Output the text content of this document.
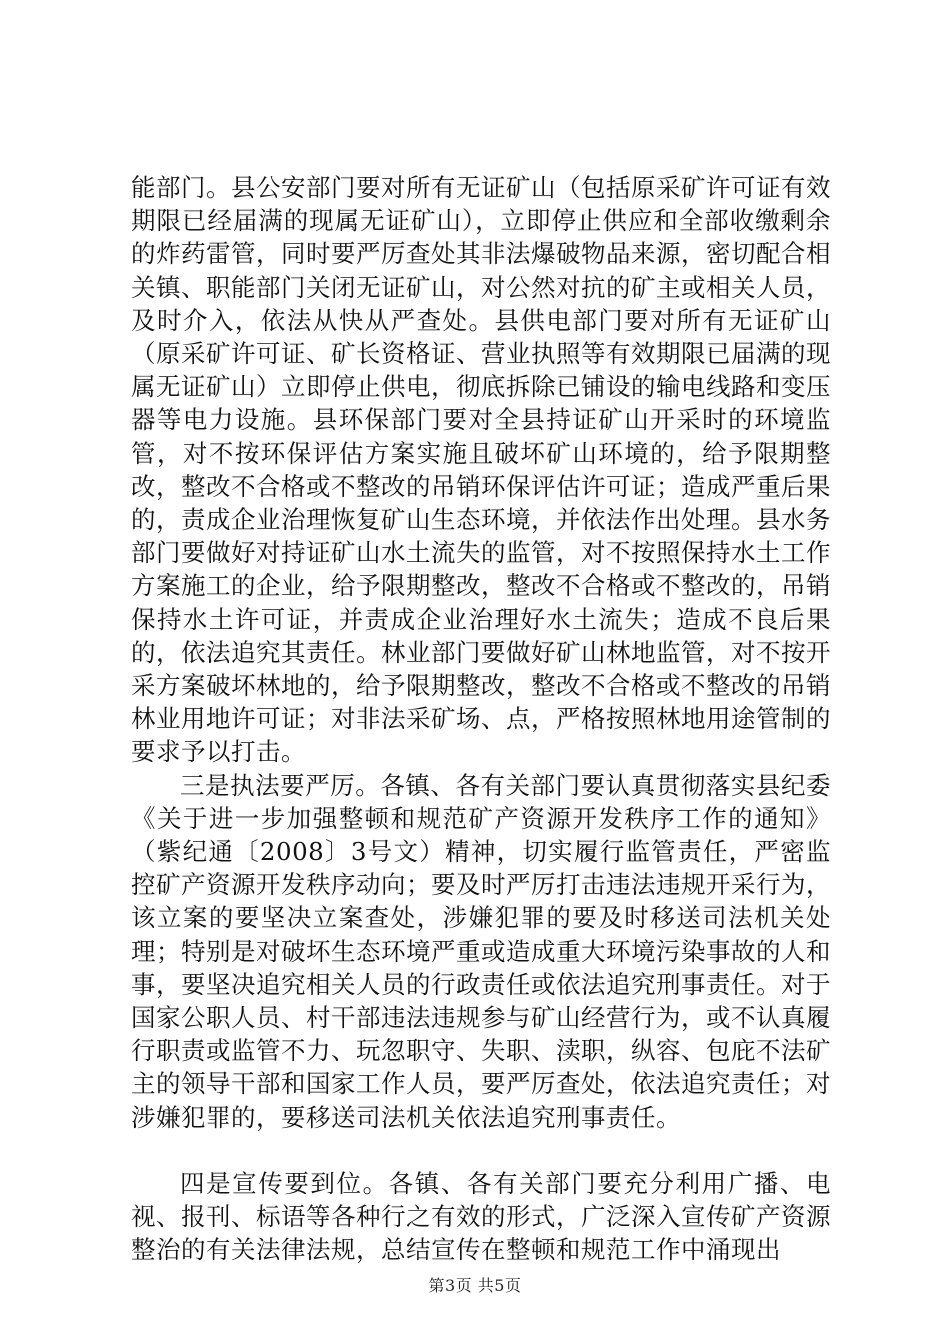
能部门。县公安部门要对所有无证矿山（包括原采矿许可证有效期限已经届满的现属无证矿山），立即停止供应和全部收缴剩余的炸药雷管，同时要严厉查处其非法爆破物品来源，密切配合相关镇、职能部门关闭无证矿山，对公然对抗的矿主或相关人员，及时介入，依法从快从严查处。县供电部门要对所有无证矿山（原采矿许可证、矿长资格证、营业执照等有效期限已届满的现属无证矿山）立即停止供电，彻底拆除已铺设的输电线路和变压器等电力设施。县环保部门要对全县持证矿山开采时的环境监管，对不按环保评估方案实施且破坏矿山环境的，给予限期整改，整改不合格或不整改的吊销环保评估许可证；造成严重后果的，责成企业治理恢复矿山生态环境，并依法作出处理。县水务部门要做好对持证矿山水土流失的监管，对不按照保持水土工作方案施工的企业，给予限期整改，整改不合格或不整改的，吊销保持水土许可证，并责成企业治理好水土流失；造成不良后果的，依法追究其责任。林业部门要做好矿山林地监管，对不按开采方案破坏林地的，给予限期整改，整改不合格或不整改的吊销林业用地许可证；对非法采矿场、点，严格按照林地用途管制的要求予以打击。

三是执法要严厉。各镇、各有关部门要认真贯彻落实县纪委《关于进一步加强整顿和规范矿产资源开发秩序工作的通知》（紫纪通〔2008〕3号文）精神，切实履行监管责任，严密监控矿产资源开发秩序动向；要及时严厉打击违法违规开采行为，该立案的要坚决立案查处，涉嫌犯罪的要及时移送司法机关处理；特别是对破坏生态环境严重或造成重大环境污染事故的人和事，要坚决追究相关人员的行政责任或依法追究刑事责任。对于国家公职人员、村干部违法违规参与矿山经营行为，或不认真履行职责或监管不力、玩忽职守、失职、渎职，纵容、包庇不法矿主的领导干部和国家工作人员，要严厉查处，依法追究责任；对涉嫌犯罪的，要移送司法机关依法追究刑事责任。

四是宣传要到位。各镇、各有关部门要充分利用广播、电视、报刊、标语等各种行之有效的形式，广泛深入宣传矿产资源整治的有关法律法规，总结宣传在整顿和规范工作中涌现出

第3页 共5页
